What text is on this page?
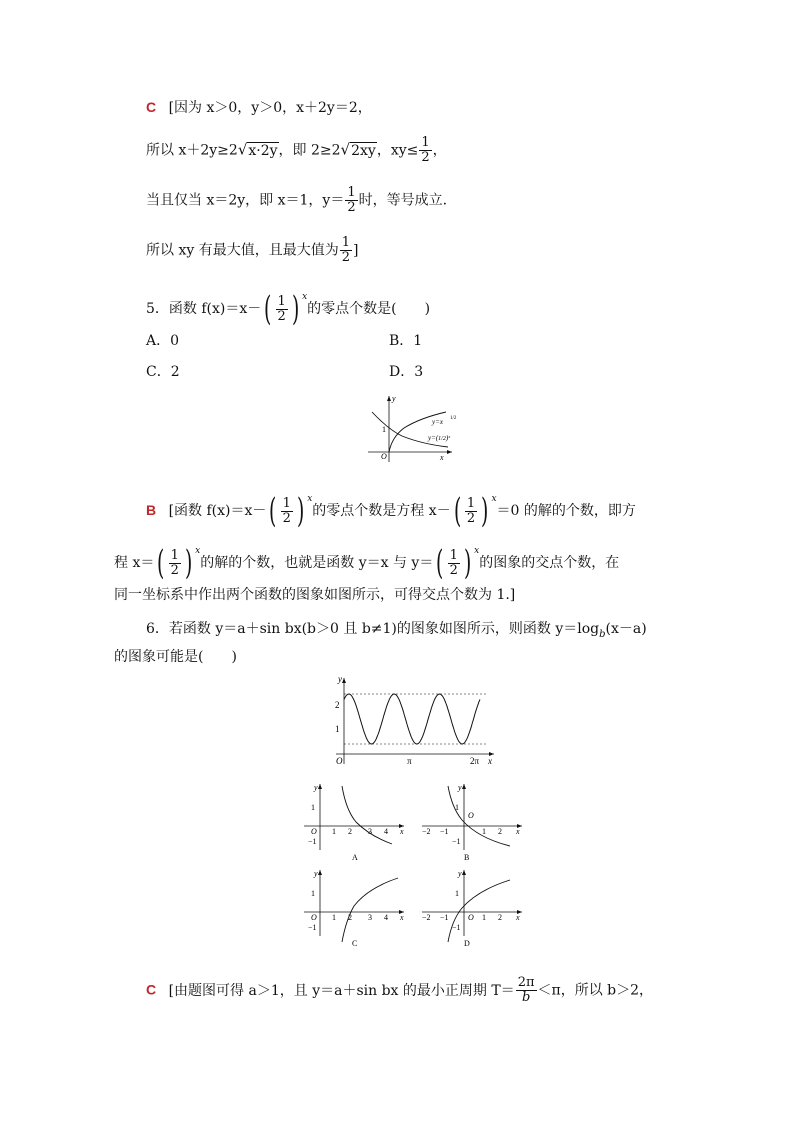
C [因为 x＞0，y＞0，x＋2y＝2，
所以 x＋2y≥2√x·2y，即 2≥2√2xy，$xy\le \frac{1}{2}$ ，
当且仅当 x＝2y，即 x＝1，$y= \frac{1}{2}$ 时，等号成立.
所以 xy 有最大值，且最大值为 $\frac{1}{2}$ ]
5．函数 $f(x)=x-( \frac{1}{2}$ ) $^x$的零点个数是(　　)
A．0	B．1
C．2	D．3
y
x
O
1
y=x 1/2
y=(1/2)ˣ
B [函数 $f(x)=x-( \frac{1}{2}$ ) $^x$的零点个数是方程 $x-( \frac{1}{2}$ ) $^x$＝0 的解的个数，即方
程 $x=( \frac{1}{2}$ ) $^x$的解的个数，也就是函数 y＝x 与 $y=( \frac{1}{2}$ ) $^x$的图象的交点个数，在
同一坐标系中作出两个函数的图象如图所示，可得交点个数为 1.]
6．若函数 y＝a＋sin bx(b＞0 且 b≠1)的图象如图所示，则函数 $y=\log_b(x-a)$
的图象可能是(　　)
y
2
1
O	π	2π x
y
1
−1
O 1 2 3 4 x
A
y
1
−1
O
−2 −1	1 2 x
B
y
1
−1
O 1 2 3 4 x
C
y
1
−1
O
−2 −1	1 2 x
D
C [由题图可得 a＞1，且 y＝a＋sin bx 的最小正周期 $T= \frac{2\pi}{b} <\pi$，所以 b＞2，
